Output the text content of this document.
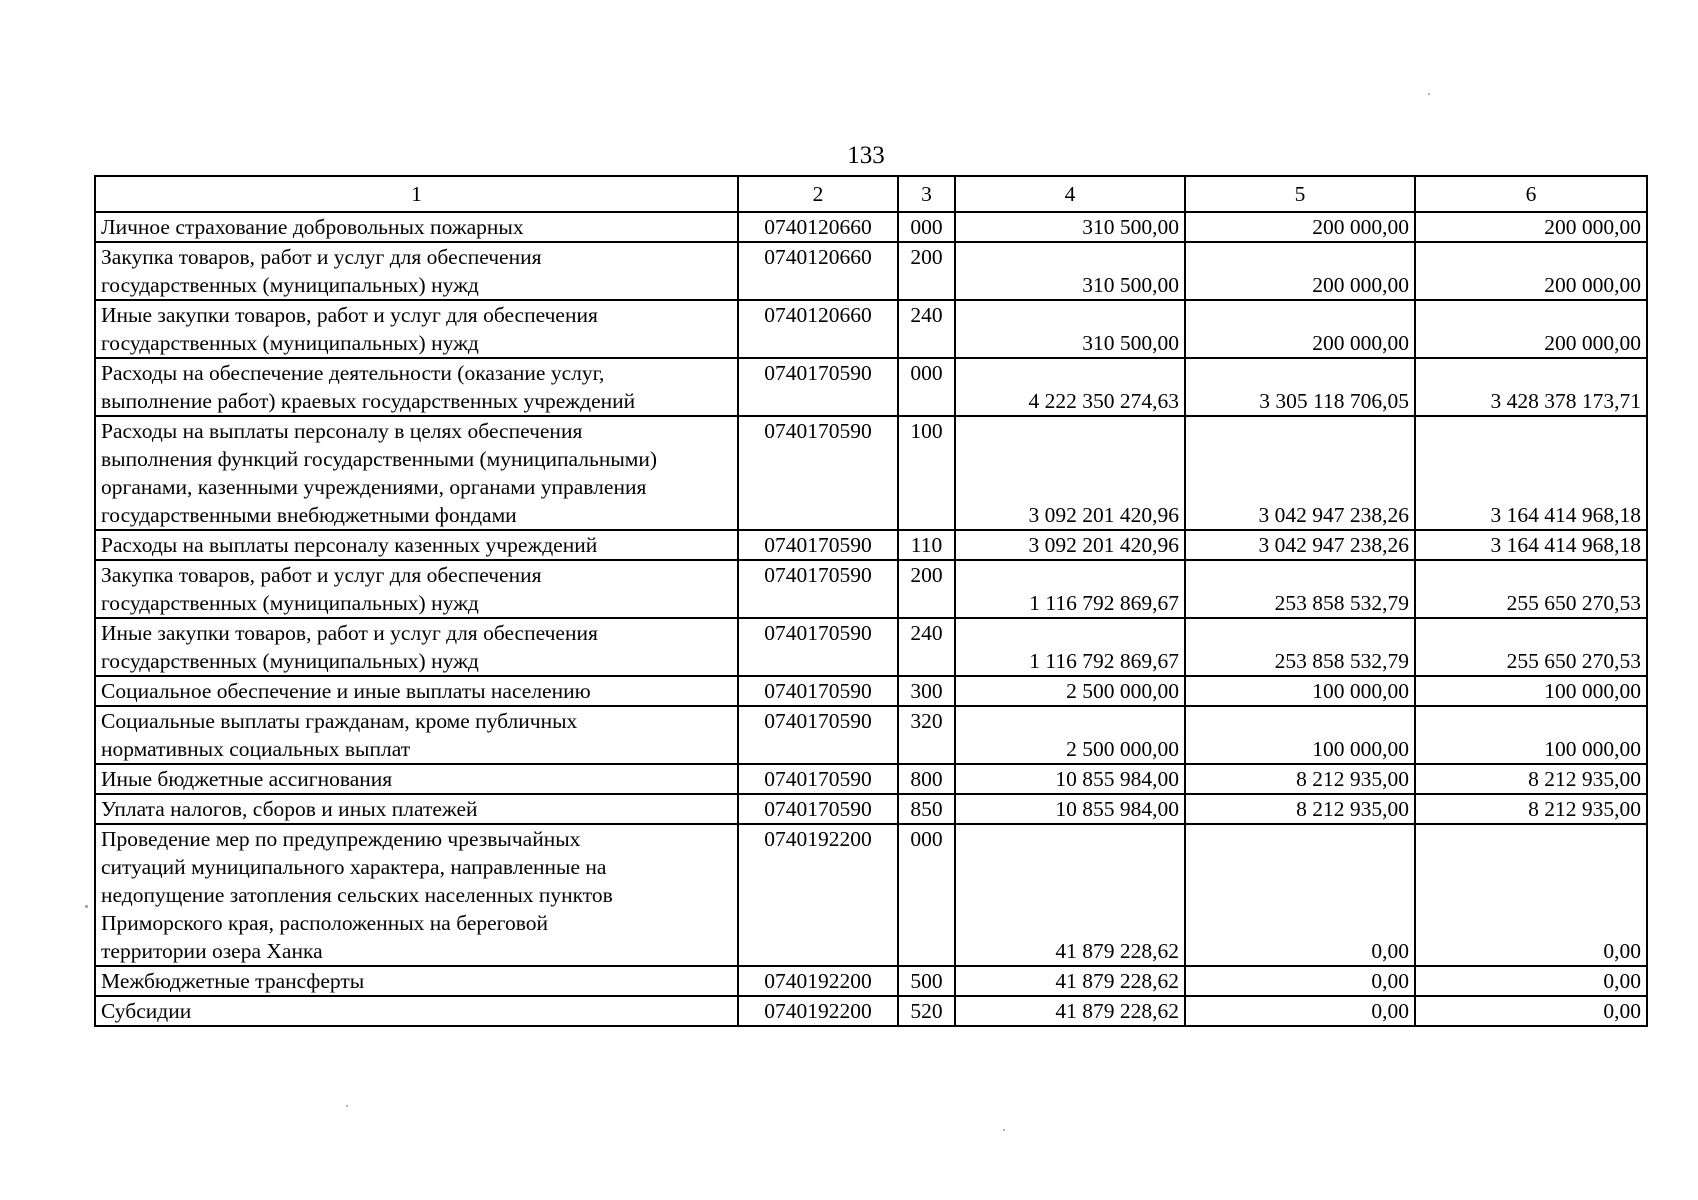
133
1	2	3	4	5	6

Личное страхование добровольных пожарных	0740120660	000	310 500,00	200 000,00	200 000,00

Закупка товаров, работ и услуг для обеспечения
государственных (муниципальных) нужд	0740120660	200	310 500,00	200 000,00	200 000,00

Иные закупки товаров, работ и услуг для обеспечения
государственных (муниципальных) нужд	0740120660	240	310 500,00	200 000,00	200 000,00

Расходы на обеспечение деятельности (оказание услуг,
выполнение работ) краевых государственных учреждений	0740170590	000	4 222 350 274,63	3 305 118 706,05	3 428 378 173,71

Расходы на выплаты персоналу в целях обеспечения
выполнения функций государственными (муниципальными)
органами, казенными учреждениями, органами управления
государственными внебюджетными фондами	0740170590	100	3 092 201 420,96	3 042 947 238,26	3 164 414 968,18

Расходы на выплаты персоналу казенных учреждений	0740170590	110	3 092 201 420,96	3 042 947 238,26	3 164 414 968,18

Закупка товаров, работ и услуг для обеспечения
государственных (муниципальных) нужд	0740170590	200	1 116 792 869,67	253 858 532,79	255 650 270,53

Иные закупки товаров, работ и услуг для обеспечения
государственных (муниципальных) нужд	0740170590	240	1 116 792 869,67	253 858 532,79	255 650 270,53

Социальное обеспечение и иные выплаты населению	0740170590	300	2 500 000,00	100 000,00	100 000,00

Социальные выплаты гражданам, кроме публичных
нормативных социальных выплат	0740170590	320	2 500 000,00	100 000,00	100 000,00

Иные бюджетные ассигнования	0740170590	800	10 855 984,00	8 212 935,00	8 212 935,00

Уплата налогов, сборов и иных платежей	0740170590	850	10 855 984,00	8 212 935,00	8 212 935,00

Проведение мер по предупреждению чрезвычайных
ситуаций муниципального характера, направленные на
недопущение затопления сельских населенных пунктов
Приморского края, расположенных на береговой
территории озера Ханка	0740192200	000	41 879 228,62	0,00	0,00

Межбюджетные трансферты	0740192200	500	41 879 228,62	0,00	0,00

Субсидии	0740192200	520	41 879 228,62	0,00	0,00
